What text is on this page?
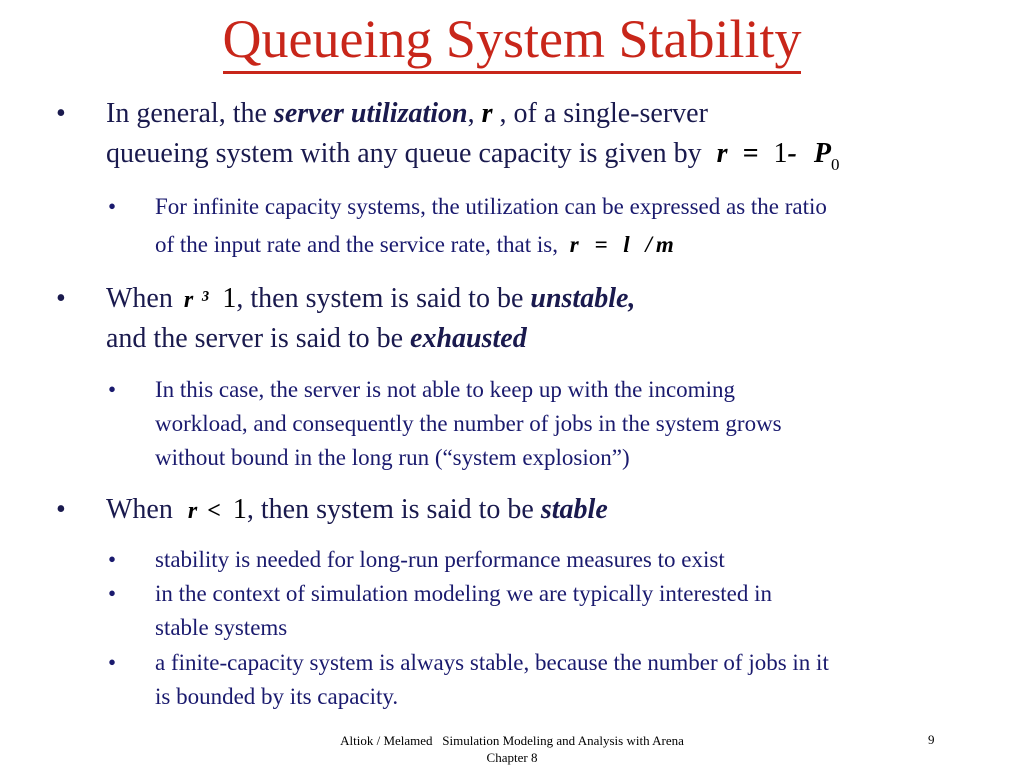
Queueing System Stability
• In general, the server utilization, r , of a single-server
queueing system with any queue capacity is given by r = 1- $P_0$
• For infinite capacity systems, the utilization can be expressed as the ratio
of the input rate and the service rate, that is, r = l / m
• When r ³ 1, then system is said to be unstable,
and the server is said to be exhausted
• In this case, the server is not able to keep up with the incoming
workload, and consequently the number of jobs in the system grows
without bound in the long run (“system explosion”)
• When r < 1, then system is said to be stable
• stability is needed for long-run performance measures to exist
• in the context of simulation modeling we are typically interested in
stable systems
• a finite-capacity system is always stable, because the number of jobs in it
is bounded by its capacity.
Altiok / Melamed Simulation Modeling and Analysis with Arena
Chapter 8
9
